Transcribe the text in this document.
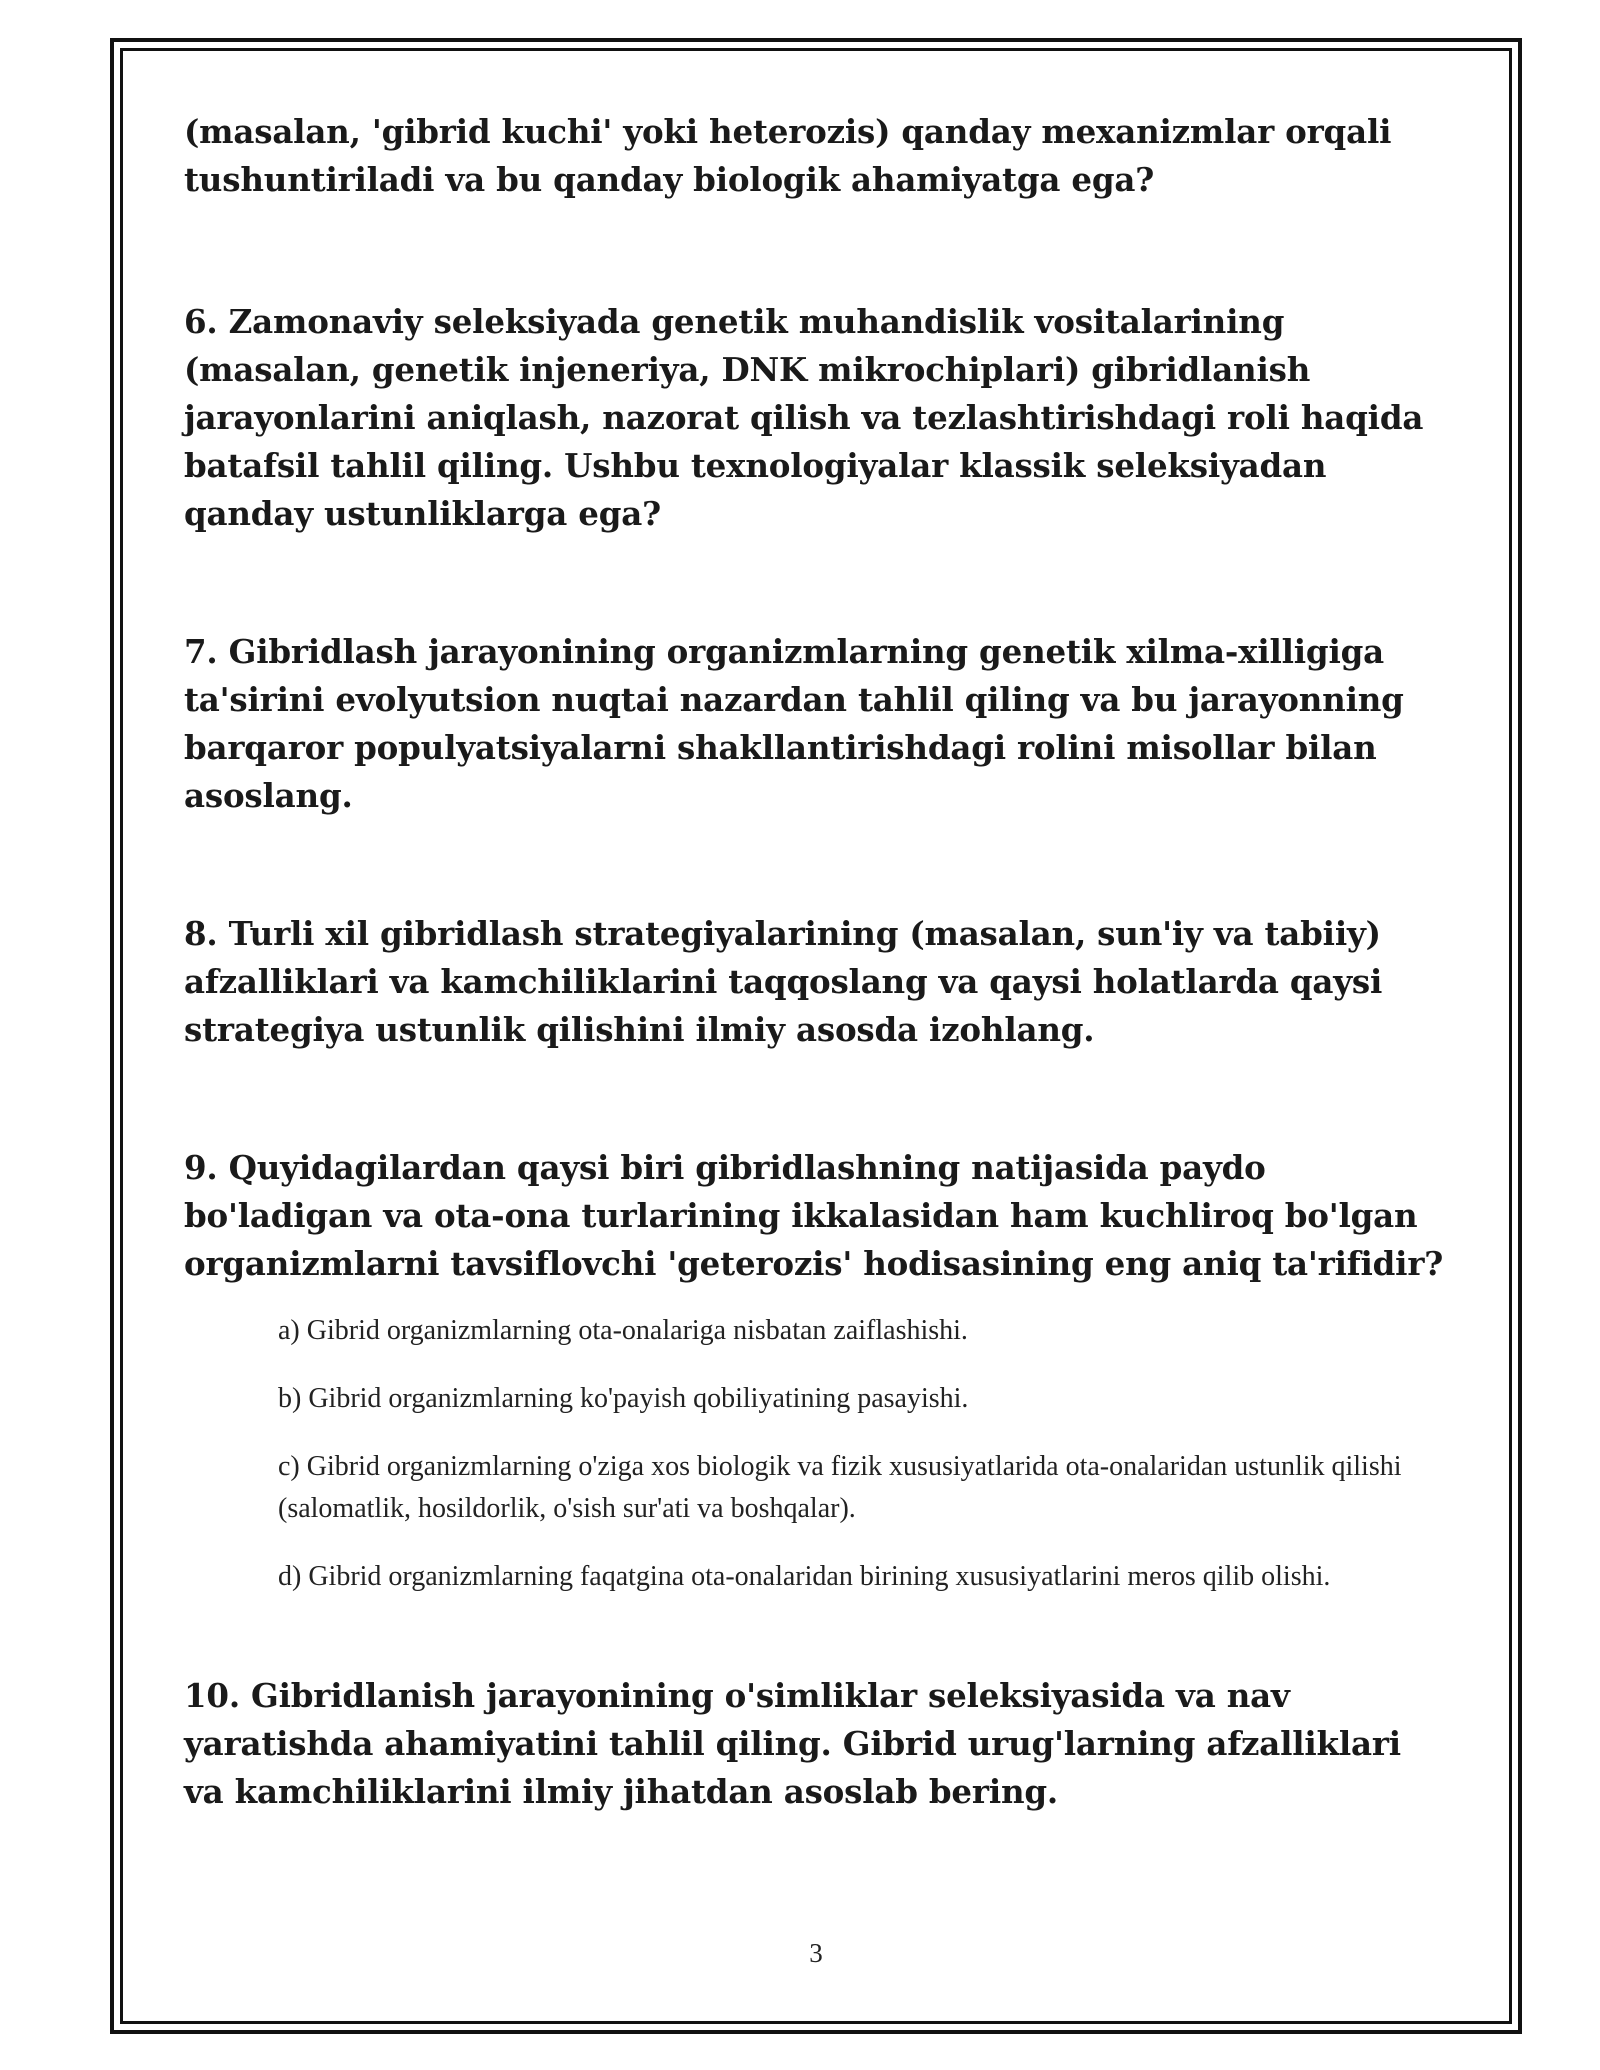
(masalan, 'gibrid kuchi' yoki heterozis) qanday mexanizmlar orqali tushuntiriladi va bu qanday biologik ahamiyatga ega?

6. Zamonaviy seleksiyada genetik muhandislik vositalarining (masalan, genetik injeneriya, DNK mikrochiplari) gibridlanish jarayonlarini aniqlash, nazorat qilish va tezlashtirishdagi roli haqida batafsil tahlil qiling. Ushbu texnologiyalar klassik seleksiyadan qanday ustunliklarga ega?

7. Gibridlash jarayonining organizmlarning genetik xilma-xilligiga ta'sirini evolyutsion nuqtai nazardan tahlil qiling va bu jarayonning barqaror populyatsiyalarni shakllantirishdagi rolini misollar bilan asoslang.

8. Turli xil gibridlash strategiyalarining (masalan, sun'iy va tabiiy) afzalliklari va kamchiliklarini taqqoslang va qaysi holatlarda qaysi strategiya ustunlik qilishini ilmiy asosda izohlang.

9. Quyidagilardan qaysi biri gibridlashning natijasida paydo bo'ladigan va ota-ona turlarining ikkalasidan ham kuchliroq bo'lgan organizmlarni tavsiflovchi 'geterozis' hodisasining eng aniq ta'rifidir?

a) Gibrid organizmlarning ota-onalariga nisbatan zaiflashishi.
b) Gibrid organizmlarning ko'payish qobiliyatining pasayishi.
c) Gibrid organizmlarning o'ziga xos biologik va fizik xususiyatlarida ota-onalaridan ustunlik qilishi (salomatlik, hosildorlik, o'sish sur'ati va boshqalar).
d) Gibrid organizmlarning faqatgina ota-onalaridan birining xususiyatlarini meros qilib olishi.

10. Gibridlanish jarayonining o'simliklar seleksiyasida va nav yaratishda ahamiyatini tahlil qiling. Gibrid urug'larning afzalliklari va kamchiliklarini ilmiy jihatdan asoslab bering.

3
